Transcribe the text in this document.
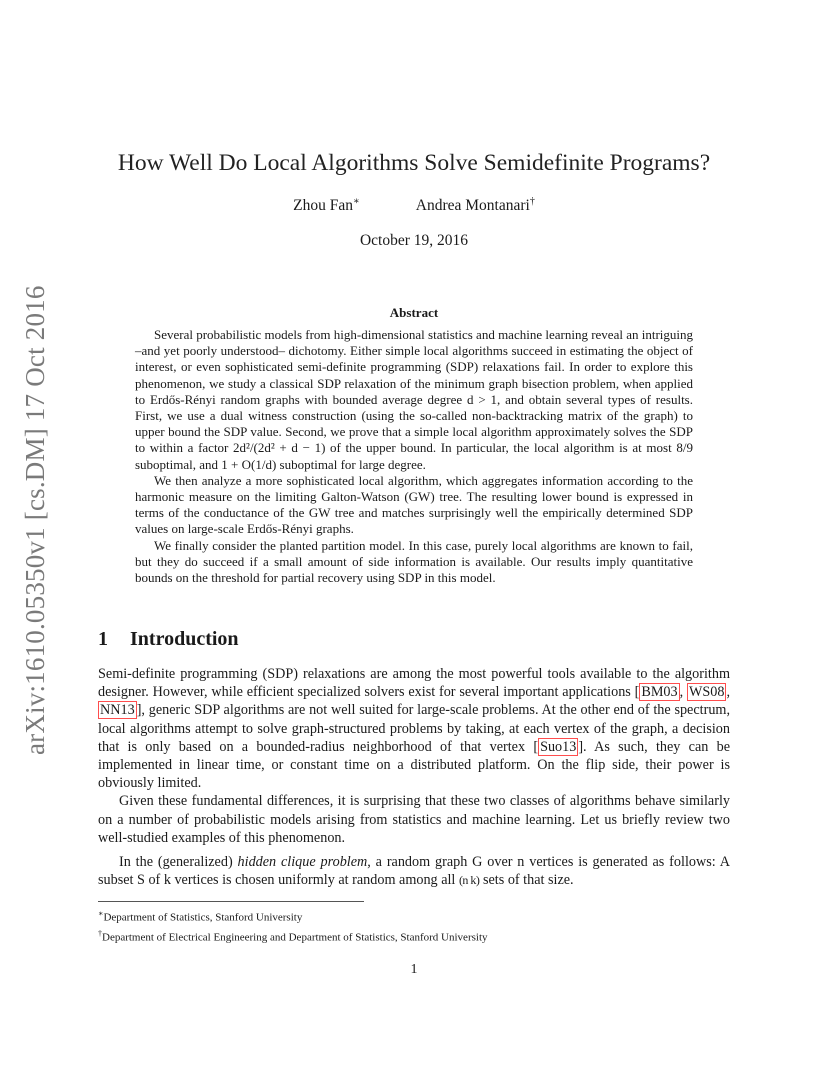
arXiv:1610.05350v1 [cs.DM] 17 Oct 2016
How Well Do Local Algorithms Solve Semidefinite Programs?
Zhou Fan∗	Andrea Montanari†
October 19, 2016
Abstract

Several probabilistic models from high-dimensional statistics and machine learning reveal an intriguing –and yet poorly understood– dichotomy. Either simple local algorithms succeed in estimating the object of interest, or even sophisticated semi-definite programming (SDP) relaxations fail. In order to explore this phenomenon, we study a classical SDP relaxation of the minimum graph bisection problem, when applied to Erdős-Rényi random graphs with bounded average degree d > 1, and obtain several types of results. First, we use a dual witness construction (using the so-called non-backtracking matrix of the graph) to upper bound the SDP value. Second, we prove that a simple local algorithm approximately solves the SDP to within a factor 2d²/(2d² + d − 1) of the upper bound. In particular, the local algorithm is at most 8/9 suboptimal, and 1 + O(1/d) suboptimal for large degree.

We then analyze a more sophisticated local algorithm, which aggregates information according to the harmonic measure on the limiting Galton-Watson (GW) tree. The resulting lower bound is expressed in terms of the conductance of the GW tree and matches surprisingly well the empirically determined SDP values on large-scale Erdős-Rényi graphs.

We finally consider the planted partition model. In this case, purely local algorithms are known to fail, but they do succeed if a small amount of side information is available. Our results imply quantitative bounds on the threshold for partial recovery using SDP in this model.

1 Introduction

Semi-definite programming (SDP) relaxations are among the most powerful tools available to the algorithm designer. However, while efficient specialized solvers exist for several important applications [ BM03 , WS08 , NN13 ], generic SDP algorithms are not well suited for large-scale problems. At the other end of the spectrum, local algorithms attempt to solve graph-structured problems by taking, at each vertex of the graph, a decision that is only based on a bounded-radius neighborhood of that vertex [ Suo13 ]. As such, they can be implemented in linear time, or constant time on a distributed platform. On the flip side, their power is obviously limited.

Given these fundamental differences, it is surprising that these two classes of algorithms behave similarly on a number of probabilistic models arising from statistics and machine learning. Let us briefly review two well-studied examples of this phenomenon.

In the (generalized) hidden clique problem, a random graph G over n vertices is generated as follows: A subset S of k vertices is chosen uniformly at random among all (n k) sets of that size.

∗Department of Statistics, Stanford University
†Department of Electrical Engineering and Department of Statistics, Stanford University
1
